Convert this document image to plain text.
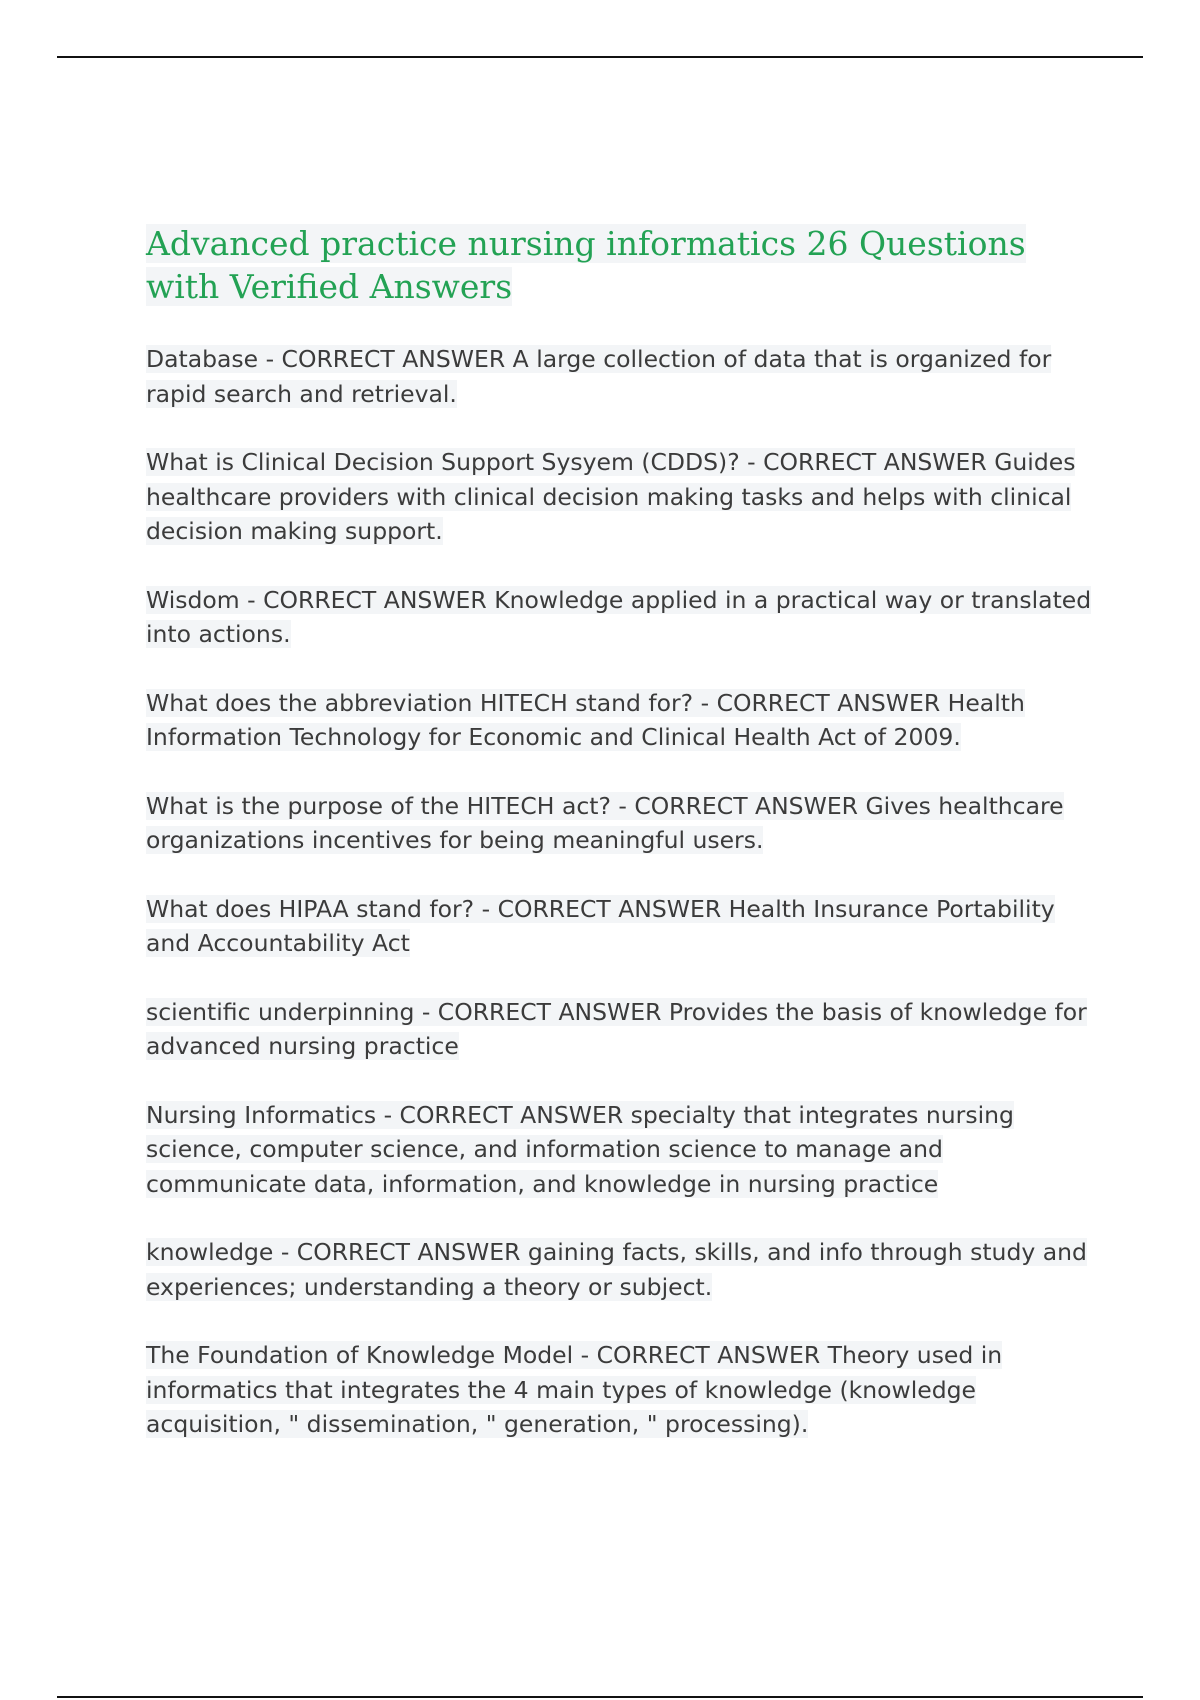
Advanced practice nursing informatics 26 Questions with Verified Answers

Database - CORRECT ANSWER A large collection of data that is organized for rapid search and retrieval.

What is Clinical Decision Support Sysyem (CDDS)? - CORRECT ANSWER Guides healthcare providers with clinical decision making tasks and helps with clinical decision making support.

Wisdom - CORRECT ANSWER Knowledge applied in a practical way or translated into actions.

What does the abbreviation HITECH stand for? - CORRECT ANSWER Health Information Technology for Economic and Clinical Health Act of 2009.

What is the purpose of the HITECH act? - CORRECT ANSWER Gives healthcare organizations incentives for being meaningful users.

What does HIPAA stand for? - CORRECT ANSWER Health Insurance Portability and Accountability Act

scientific underpinning - CORRECT ANSWER Provides the basis of knowledge for advanced nursing practice

Nursing Informatics - CORRECT ANSWER specialty that integrates nursing science, computer science, and information science to manage and communicate data, information, and knowledge in nursing practice

knowledge - CORRECT ANSWER gaining facts, skills, and info through study and experiences; understanding a theory or subject.

The Foundation of Knowledge Model - CORRECT ANSWER Theory used in informatics that integrates the 4 main types of knowledge (knowledge acquisition, " dissemination, " generation, " processing).
